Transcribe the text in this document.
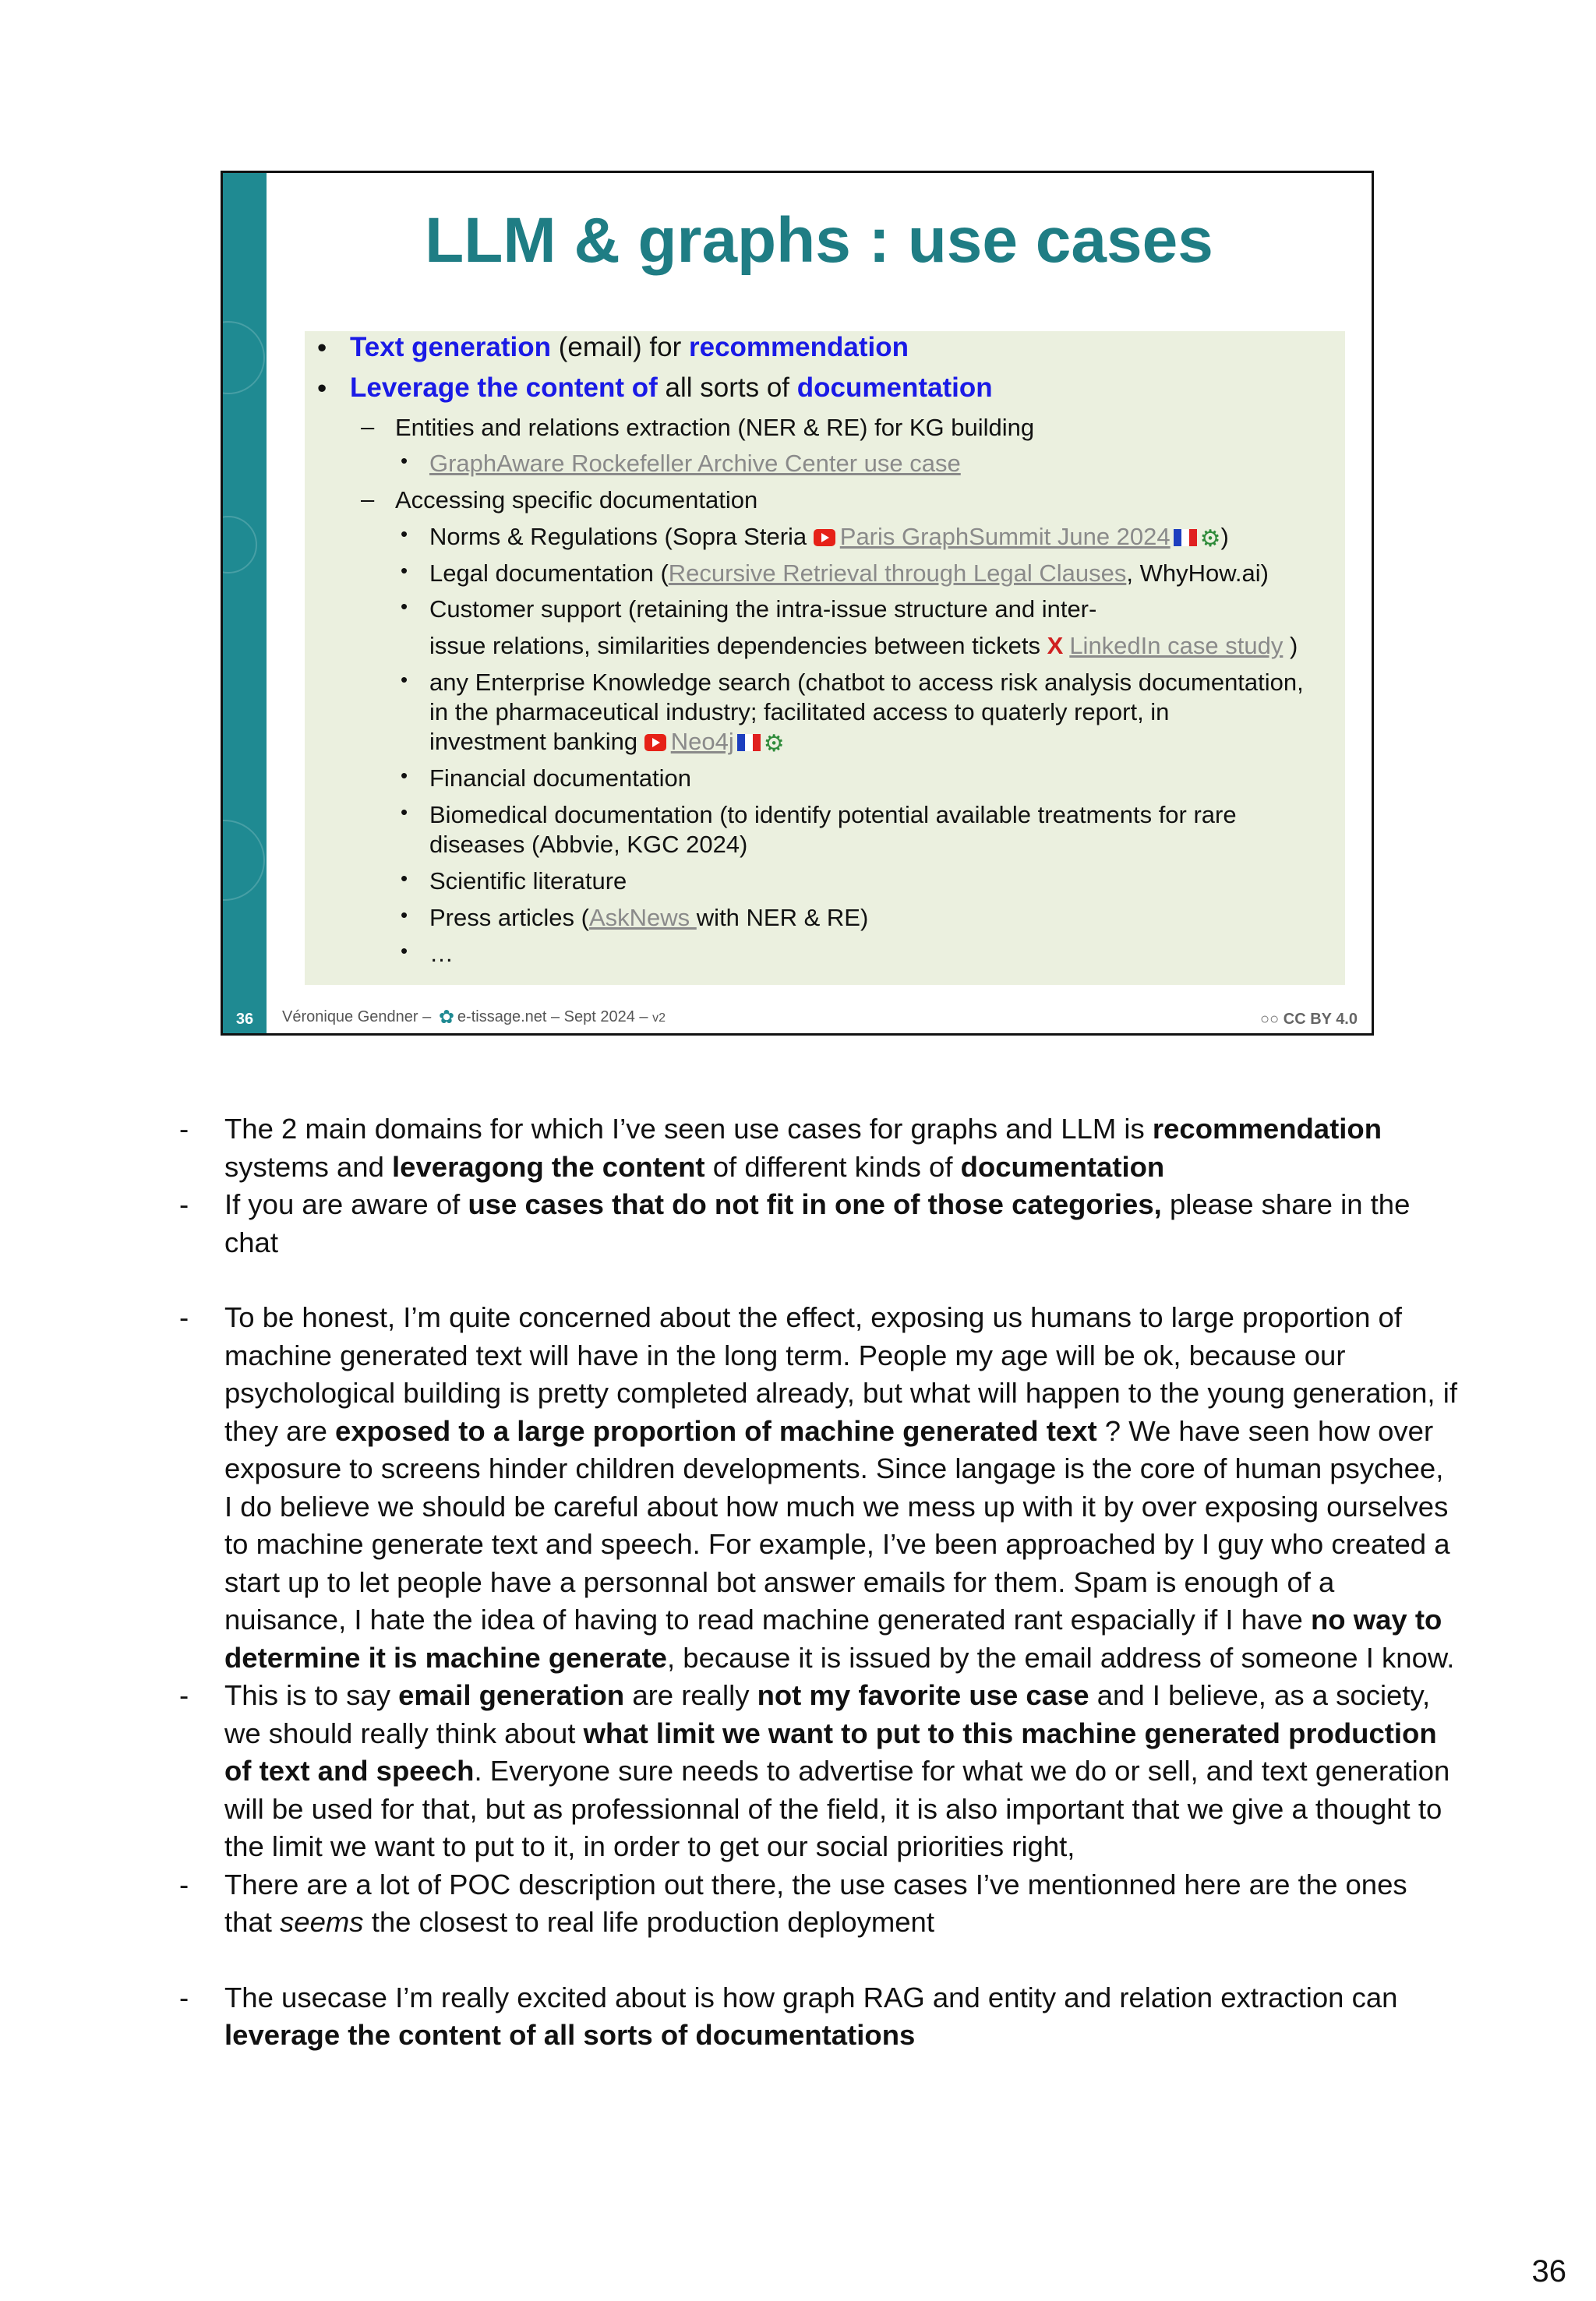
LLM & graphs : use cases
• Text generation (email) for recommendation
• Leverage the content of all sorts of documentation
– Entities and relations extraction (NER & RE) for KG building
• GraphAware Rockefeller Archive Center use case
– Accessing specific documentation
• Norms & Regulations (Sopra Steria Paris GraphSummit June 2024 ⚙)
• Legal documentation (Recursive Retrieval through Legal Clauses, WhyHow.ai)
• Customer support (retaining the intra-issue structure and inter-
issue relations, similarities dependencies between tickets X LinkedIn case study )
• any Enterprise Knowledge search (chatbot to access risk analysis documentation,
in the pharmaceutical industry; facilitated access to quaterly report, in
investment banking Neo4j ⚙
• Financial documentation
• Biomedical documentation (to identify potential available treatments for rare
diseases (Abbvie, KGC 2024)
• Scientific literature
• Press articles (AskNews with NER & RE)
• …
36	Véronique Gendner – ✿ e-tissage.net – Sept 2024 – v2	○○ CC BY 4.0
- The 2 main domains for which I’ve seen use cases for graphs and LLM is recommendation systems and leveragong the content of different kinds of documentation
- If you are aware of use cases that do not fit in one of those categories, please share in the chat
- To be honest, I’m quite concerned about the effect, exposing us humans to large proportion of machine generated text will have in the long term. People my age will be ok, because our psychological building is pretty completed already, but what will happen to the young generation, if they are exposed to a large proportion of machine generated text ? We have seen how over exposure to screens hinder children developments. Since langage is the core of human psychee, I do believe we should be careful about how much we mess up with it by over exposing ourselves to machine generate text and speech. For example, I’ve been approached by I guy who created a start up to let people have a personnal bot answer emails for them. Spam is enough of a nuisance, I hate the idea of having to read machine generated rant espacially if I have no way to determine it is machine generate, because it is issued by the email address of someone I know.
- This is to say email generation are really not my favorite use case and I believe, as a society, we should really think about what limit we want to put to this machine generated production of text and speech. Everyone sure needs to advertise for what we do or sell, and text generation will be used for that, but as professionnal of the field, it is also important that we give a thought to the limit we want to put to it, in order to get our social priorities right,
- There are a lot of POC description out there, the use cases I’ve mentionned here are the ones that seems the closest to real life production deployment
- The usecase I’m really excited about is how graph RAG and entity and relation extraction can leverage the content of all sorts of documentations
36
